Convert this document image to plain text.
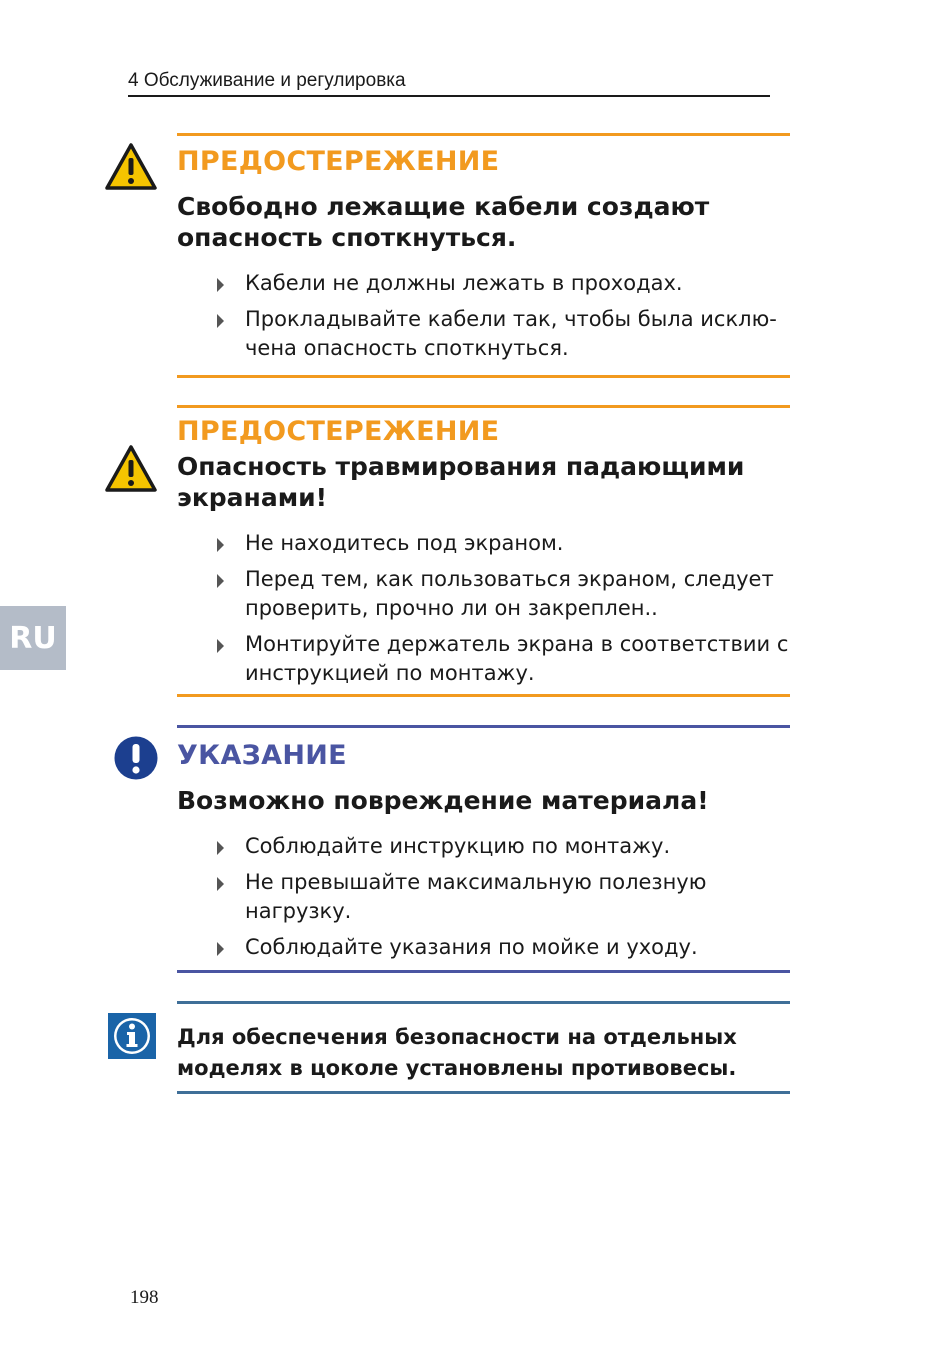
4 Обслуживание и регулировка
RU
ПРЕДОСТЕРЕЖЕНИЕ
Свободно лежащие кабели создают
опасность споткнуться.
Кабели не должны лежать в проходах.
Прокладывайте кабели так, чтобы была исклю-чена опасность споткнуться.
ПРЕДОСТЕРЕЖЕНИЕ
Опасность травмирования падающими
экранами!
Не находитесь под экраном.
Перед тем, как пользоваться экраном, следует проверить, прочно ли он закреплен..
Монтируйте держатель экрана в соответствии с инструкцией по монтажу.
УКАЗАНИЕ
Возможно повреждение материала!
Соблюдайте инструкцию по монтажу.
Не превышайте максимальную полезную нагрузку.
Соблюдайте указания по мойке и уходу.
Для обеспечения безопасности на отдельных
моделях в цоколе установлены противовесы.
198
